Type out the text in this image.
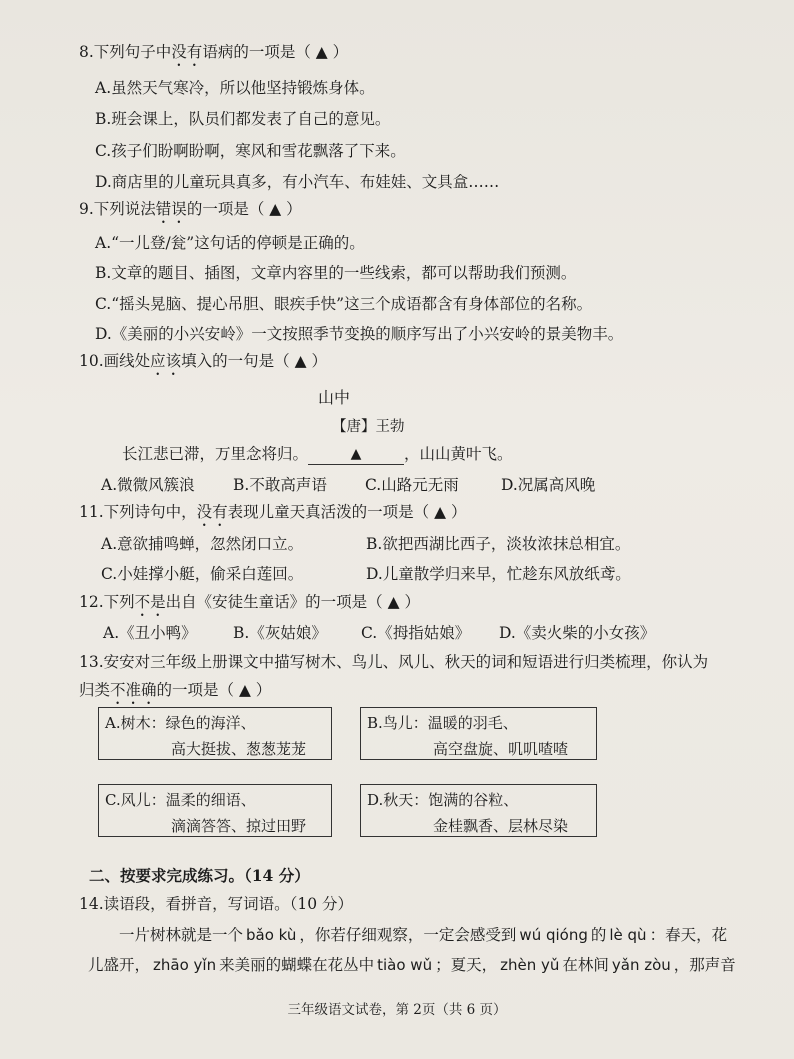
8.下列句子中没有语病的一项是（ ▲ ）
A.虽然天气寒冷，所以他坚持锻炼身体。
B.班会课上，队员们都发表了自己的意见。
C.孩子们盼啊盼啊，寒风和雪花飘落了下来。
D.商店里的儿童玩具真多，有小汽车、布娃娃、文具盒……
9.下列说法错误的一项是（ ▲ ）
A.“一儿登/瓮”这句话的停顿是正确的。
B.文章的题目、插图，文章内容里的一些线索，都可以帮助我们预测。
C.“摇头晃脑、提心吊胆、眼疾手快”这三个成语都含有身体部位的名称。
D.《美丽的小兴安岭》一文按照季节变换的顺序写出了小兴安岭的景美物丰。
10.画线处应该填入的一句是（ ▲ ）
山中
【唐】王勃
长江悲已滞，万里念将归。	▲	，山山黄叶飞。
A.微微风簇浪 B.不敢高声语 C.山路元无雨	D.况属高风晚
11.下列诗句中，没有表现儿童天真活泼的一项是（ ▲ ）
A.意欲捕鸣蝉，忽然闭口立。	B.欲把西湖比西子，淡妆浓抹总相宜。
C.小娃撑小艇，偷采白莲回。	D.儿童散学归来早，忙趁东风放纸鸢。
12.下列不是出自《安徒生童话》的一项是（ ▲ ）
A.《丑小鸭》 B.《灰姑娘》 C.《拇指姑娘》 D.《卖火柴的小女孩》
13.安安对三年级上册课文中描写树木、鸟儿、风儿、秋天的词和短语进行归类梳理，你认为
归类不准确的一项是（ ▲ ）
A.树木：绿色的海洋、
高大挺拔、葱葱茏茏
B.鸟儿：温暖的羽毛、
高空盘旋、叽叽喳喳
C.风儿：温柔的细语、
滴滴答答、掠过田野
D.秋天：饱满的谷粒、
金桂飘香、层林尽染
二、按要求完成练习。（14 分）
14.读语段，看拼音，写词语。（10 分）
一片树林就是一个 bǎo kù ，你若仔细观察，一定会感受到 wú qióng 的 lè qù ：春天，花
儿盛开， zhāo yǐn 来美丽的蝴蝶在花丛中 tiào wǔ ；夏天， zhèn yǔ 在林间 yǎn zòu ，那声音
三年级语文试卷，第 2页（共 6 页）
